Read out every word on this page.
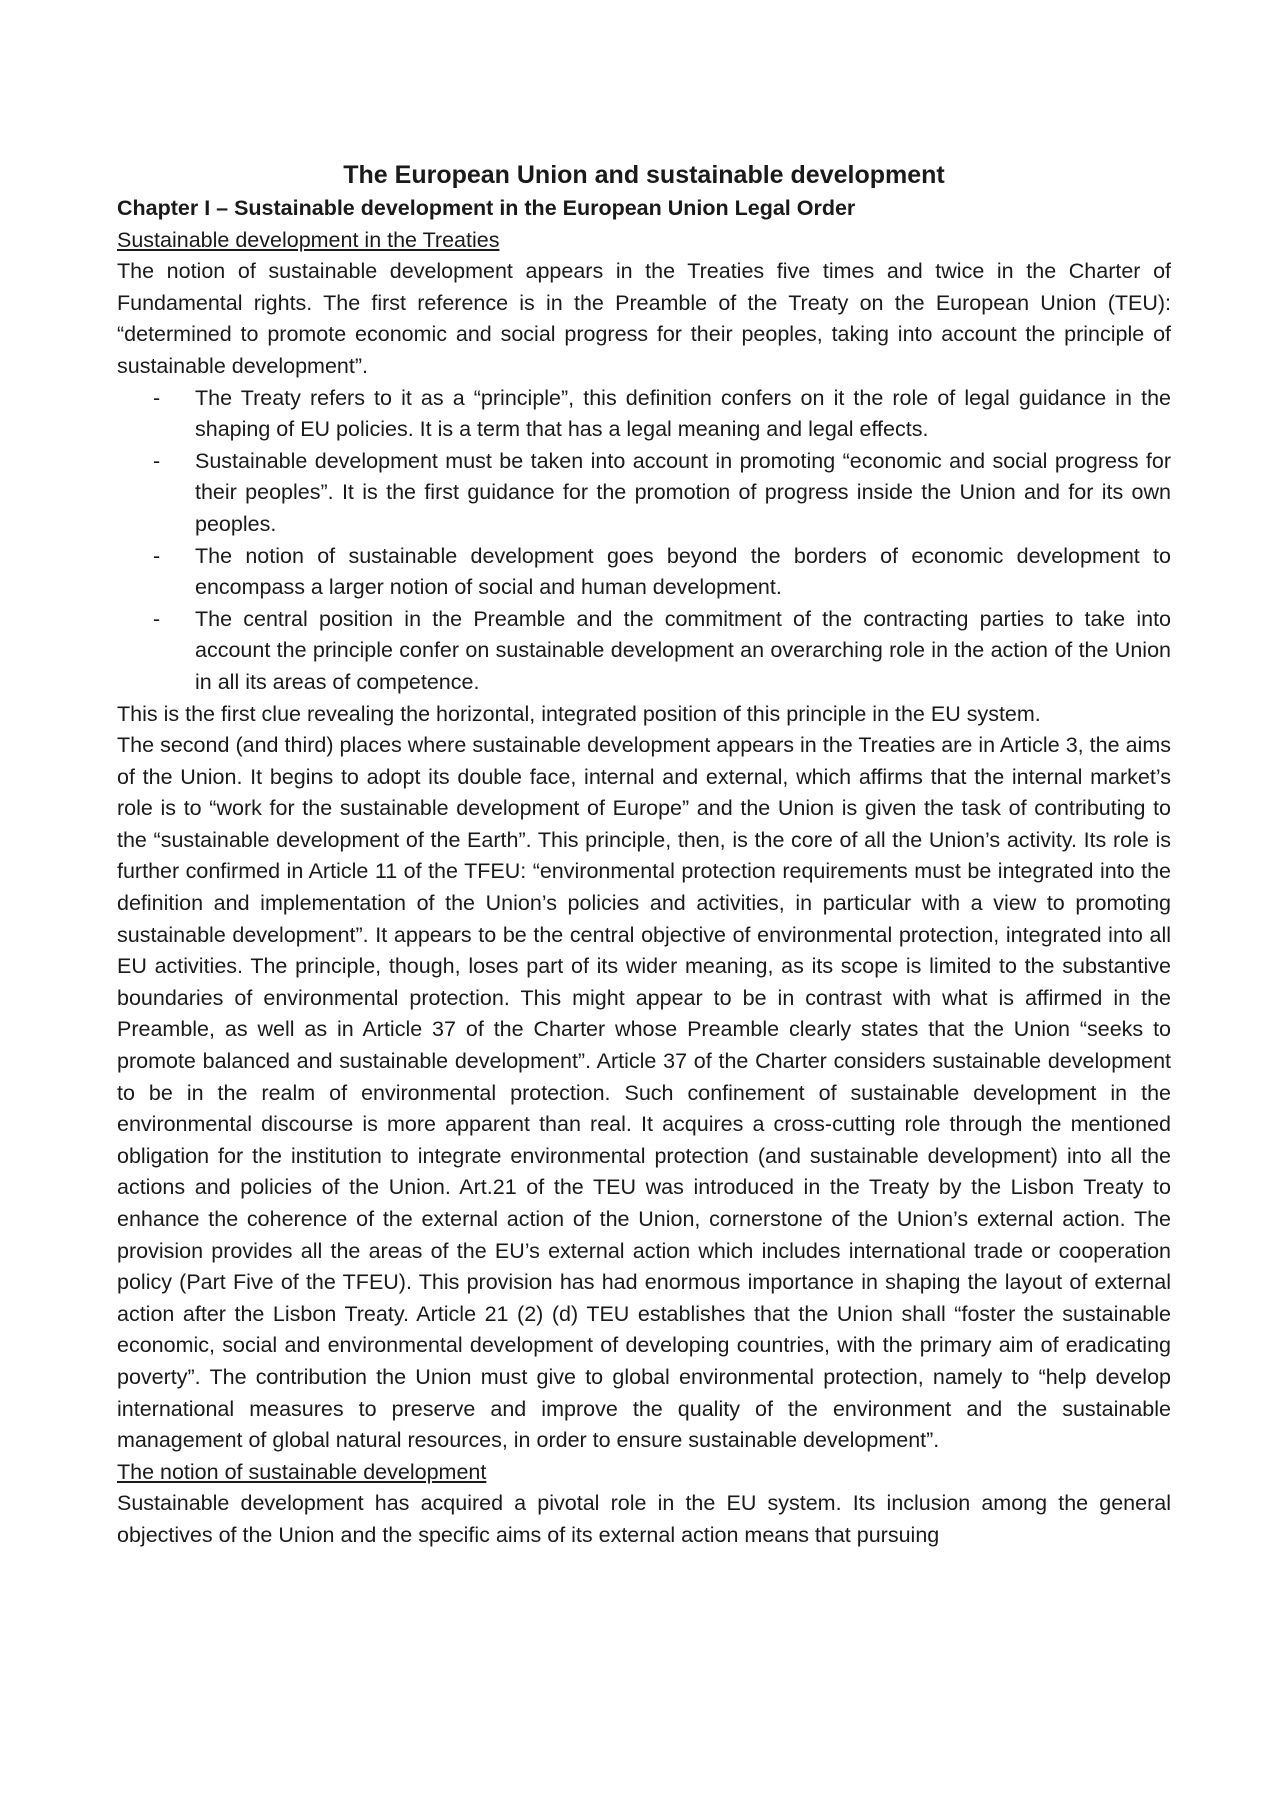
The European Union and sustainable development
Chapter I – Sustainable development in the European Union Legal Order
Sustainable development in the Treaties

The notion of sustainable development appears in the Treaties five times and twice in the Charter of Fundamental rights. The first reference is in the Preamble of the Treaty on the European Union (TEU): “determined to promote economic and social progress for their peoples, taking into account the principle of sustainable development”.

- The Treaty refers to it as a “principle”, this definition confers on it the role of legal guidance in the shaping of EU policies. It is a term that has a legal meaning and legal effects.
- Sustainable development must be taken into account in promoting “economic and social progress for their peoples”. It is the first guidance for the promotion of progress inside the Union and for its own peoples.
- The notion of sustainable development goes beyond the borders of economic development to encompass a larger notion of social and human development.
- The central position in the Preamble and the commitment of the contracting parties to take into account the principle confer on sustainable development an overarching role in the action of the Union in all its areas of competence.

This is the first clue revealing the horizontal, integrated position of this principle in the EU system.

The second (and third) places where sustainable development appears in the Treaties are in Article 3, the aims of the Union. It begins to adopt its double face, internal and external, which affirms that the internal market’s role is to “work for the sustainable development of Europe” and the Union is given the task of contributing to the “sustainable development of the Earth”. This principle, then, is the core of all the Union’s activity. Its role is further confirmed in Article 11 of the TFEU: “environmental protection requirements must be integrated into the definition and implementation of the Union’s policies and activities, in particular with a view to promoting sustainable development”. It appears to be the central objective of environmental protection, integrated into all EU activities. The principle, though, loses part of its wider meaning, as its scope is limited to the substantive boundaries of environmental protection. This might appear to be in contrast with what is affirmed in the Preamble, as well as in Article 37 of the Charter whose Preamble clearly states that the Union “seeks to promote balanced and sustainable development”. Article 37 of the Charter considers sustainable development to be in the realm of environmental protection. Such confinement of sustainable development in the environmental discourse is more apparent than real. It acquires a cross-cutting role through the mentioned obligation for the institution to integrate environmental protection (and sustainable development) into all the actions and policies of the Union. Art.21 of the TEU was introduced in the Treaty by the Lisbon Treaty to enhance the coherence of the external action of the Union, cornerstone of the Union’s external action. The provision provides all the areas of the EU’s external action which includes international trade or cooperation policy (Part Five of the TFEU). This provision has had enormous importance in shaping the layout of external action after the Lisbon Treaty. Article 21 (2) (d) TEU establishes that the Union shall “foster the sustainable economic, social and environmental development of developing countries, with the primary aim of eradicating poverty”. The contribution the Union must give to global environmental protection, namely to “help develop international measures to preserve and improve the quality of the environment and the sustainable management of global natural resources, in order to ensure sustainable development”.

The notion of sustainable development

Sustainable development has acquired a pivotal role in the EU system. Its inclusion among the general objectives of the Union and the specific aims of its external action means that pursuing
